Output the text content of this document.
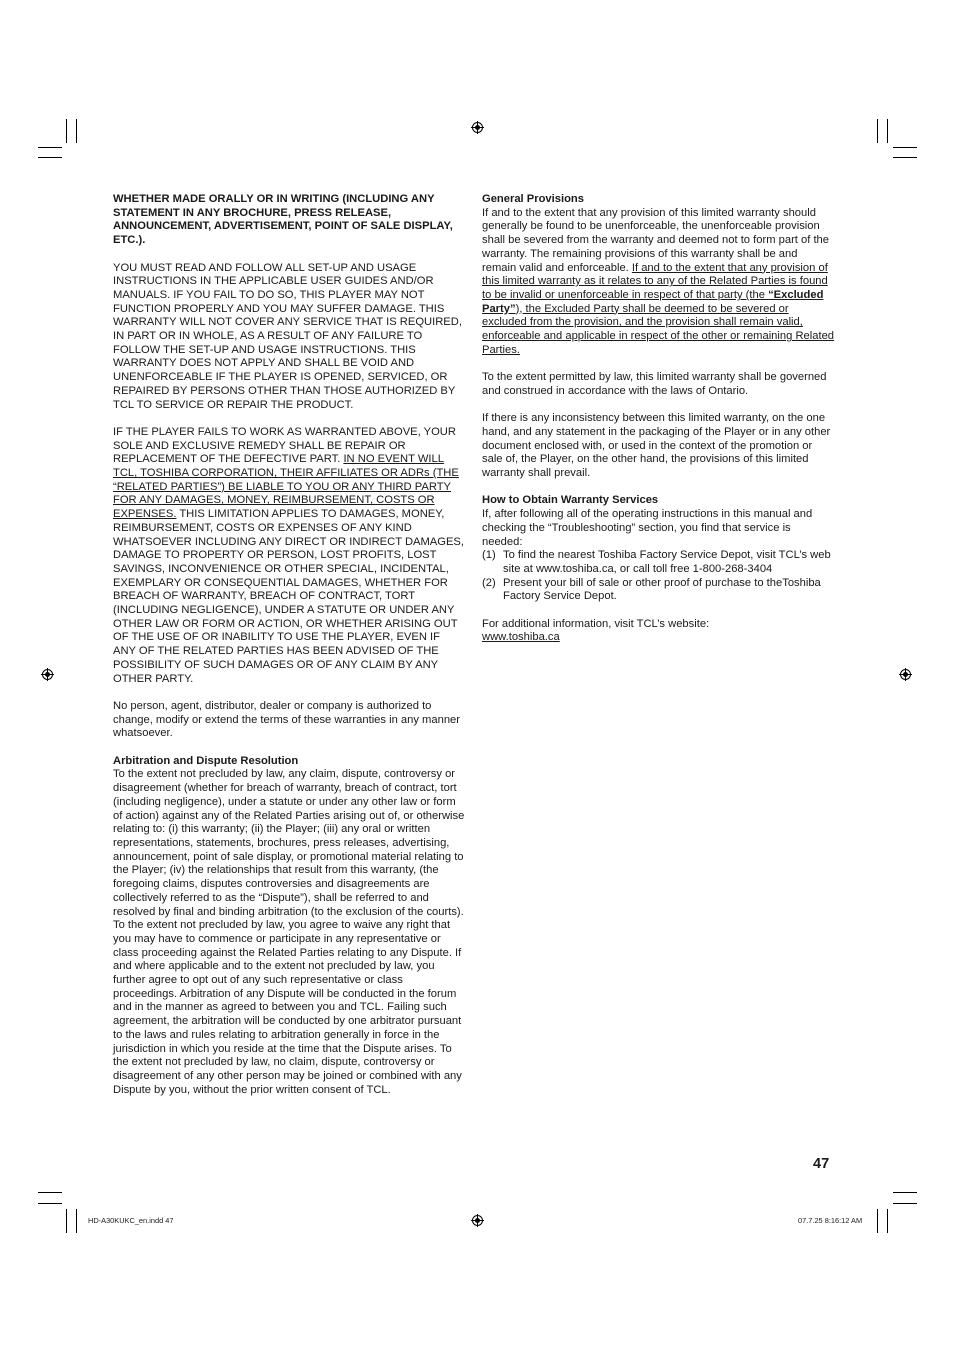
WHETHER MADE ORALLY OR IN WRITING (INCLUDING ANY STATEMENT IN ANY BROCHURE, PRESS RELEASE, ANNOUNCEMENT, ADVERTISEMENT, POINT OF SALE DISPLAY, ETC.).

YOU MUST READ AND FOLLOW ALL SET-UP AND USAGE INSTRUCTIONS IN THE APPLICABLE USER GUIDES AND/OR MANUALS. IF YOU FAIL TO DO SO, THIS PLAYER MAY NOT FUNCTION PROPERLY AND YOU MAY SUFFER DAMAGE. THIS WARRANTY WILL NOT COVER ANY SERVICE THAT IS REQUIRED, IN PART OR IN WHOLE, AS A RESULT OF ANY FAILURE TO FOLLOW THE SET-UP AND USAGE INSTRUCTIONS. THIS WARRANTY DOES NOT APPLY AND SHALL BE VOID AND UNENFORCEABLE IF THE PLAYER IS OPENED, SERVICED, OR REPAIRED BY PERSONS OTHER THAN THOSE AUTHORIZED BY TCL TO SERVICE OR REPAIR THE PRODUCT.

IF THE PLAYER FAILS TO WORK AS WARRANTED ABOVE, YOUR SOLE AND EXCLUSIVE REMEDY SHALL BE REPAIR OR REPLACEMENT OF THE DEFECTIVE PART. IN NO EVENT WILL TCL, TOSHIBA CORPORATION, THEIR AFFILIATES OR ADRs (THE “RELATED PARTIES”) BE LIABLE TO YOU OR ANY THIRD PARTY FOR ANY DAMAGES, MONEY, REIMBURSEMENT, COSTS OR EXPENSES. THIS LIMITATION APPLIES TO DAMAGES, MONEY, REIMBURSEMENT, COSTS OR EXPENSES OF ANY KIND WHATSOEVER INCLUDING ANY DIRECT OR INDIRECT DAMAGES, DAMAGE TO PROPERTY OR PERSON, LOST PROFITS, LOST SAVINGS, INCONVENIENCE OR OTHER SPECIAL, INCIDENTAL, EXEMPLARY OR CONSEQUENTIAL DAMAGES, WHETHER FOR BREACH OF WARRANTY, BREACH OF CONTRACT, TORT (INCLUDING NEGLIGENCE), UNDER A STATUTE OR UNDER ANY OTHER LAW OR FORM OR ACTION, OR WHETHER ARISING OUT OF THE USE OF OR INABILITY TO USE THE PLAYER, EVEN IF ANY OF THE RELATED PARTIES HAS BEEN ADVISED OF THE POSSIBILITY OF SUCH DAMAGES OR OF ANY CLAIM BY ANY OTHER PARTY.

No person, agent, distributor, dealer or company is authorized to change, modify or extend the terms of these warranties in any manner whatsoever.

Arbitration and Dispute Resolution

To the extent not precluded by law, any claim, dispute, controversy or disagreement (whether for breach of warranty, breach of contract, tort (including negligence), under a statute or under any other law or form of action) against any of the Related Parties arising out of, or otherwise relating to: (i) this warranty; (ii) the Player; (iii) any oral or written representations, statements, brochures, press releases, advertising, announcement, point of sale display, or promotional material relating to the Player; (iv) the relationships that result from this warranty, (the foregoing claims, disputes controversies and disagreements are collectively referred to as the “Dispute”), shall be referred to and resolved by final and binding arbitration (to the exclusion of the courts). To the extent not precluded by law, you agree to waive any right that you may have to commence or participate in any representative or class proceeding against the Related Parties relating to any Dispute. If and where applicable and to the extent not precluded by law, you further agree to opt out of any such representative or class proceedings. Arbitration of any Dispute will be conducted in the forum and in the manner as agreed to between you and TCL. Failing such agreement, the arbitration will be conducted by one arbitrator pursuant to the laws and rules relating to arbitration generally in force in the jurisdiction in which you reside at the time that the Dispute arises. To the extent not precluded by law, no claim, dispute, controversy or disagreement of any other person may be joined or combined with any Dispute by you, without the prior written consent of TCL.

General Provisions

If and to the extent that any provision of this limited warranty should generally be found to be unenforceable, the unenforceable provision shall be severed from the warranty and deemed not to form part of the warranty. The remaining provisions of this warranty shall be and remain valid and enforceable. If and to the extent that any provision of this limited warranty as it relates to any of the Related Parties is found to be invalid or unenforceable in respect of that party (the “Excluded Party”), the Excluded Party shall be deemed to be severed or excluded from the provision, and the provision shall remain valid, enforceable and applicable in respect of the other or remaining Related Parties.

To the extent permitted by law, this limited warranty shall be governed and construed in accordance with the laws of Ontario.

If there is any inconsistency between this limited warranty, on the one hand, and any statement in the packaging of the Player or in any other document enclosed with, or used in the context of the promotion or sale of, the Player, on the other hand, the provisions of this limited warranty shall prevail.

How to Obtain Warranty Services

If, after following all of the operating instructions in this manual and checking the “Troubleshooting” section, you find that service is needed:

(1) To find the nearest Toshiba Factory Service Depot, visit TCL’s web site at www.toshiba.ca, or call toll free 1-800-268-3404
(2) Present your bill of sale or other proof of purchase to theToshiba Factory Service Depot.

For additional information, visit TCL’s website:

www.toshiba.ca
47
HD-A30KUKC_en.indd 47	07.7.25 8:16:12 AM
